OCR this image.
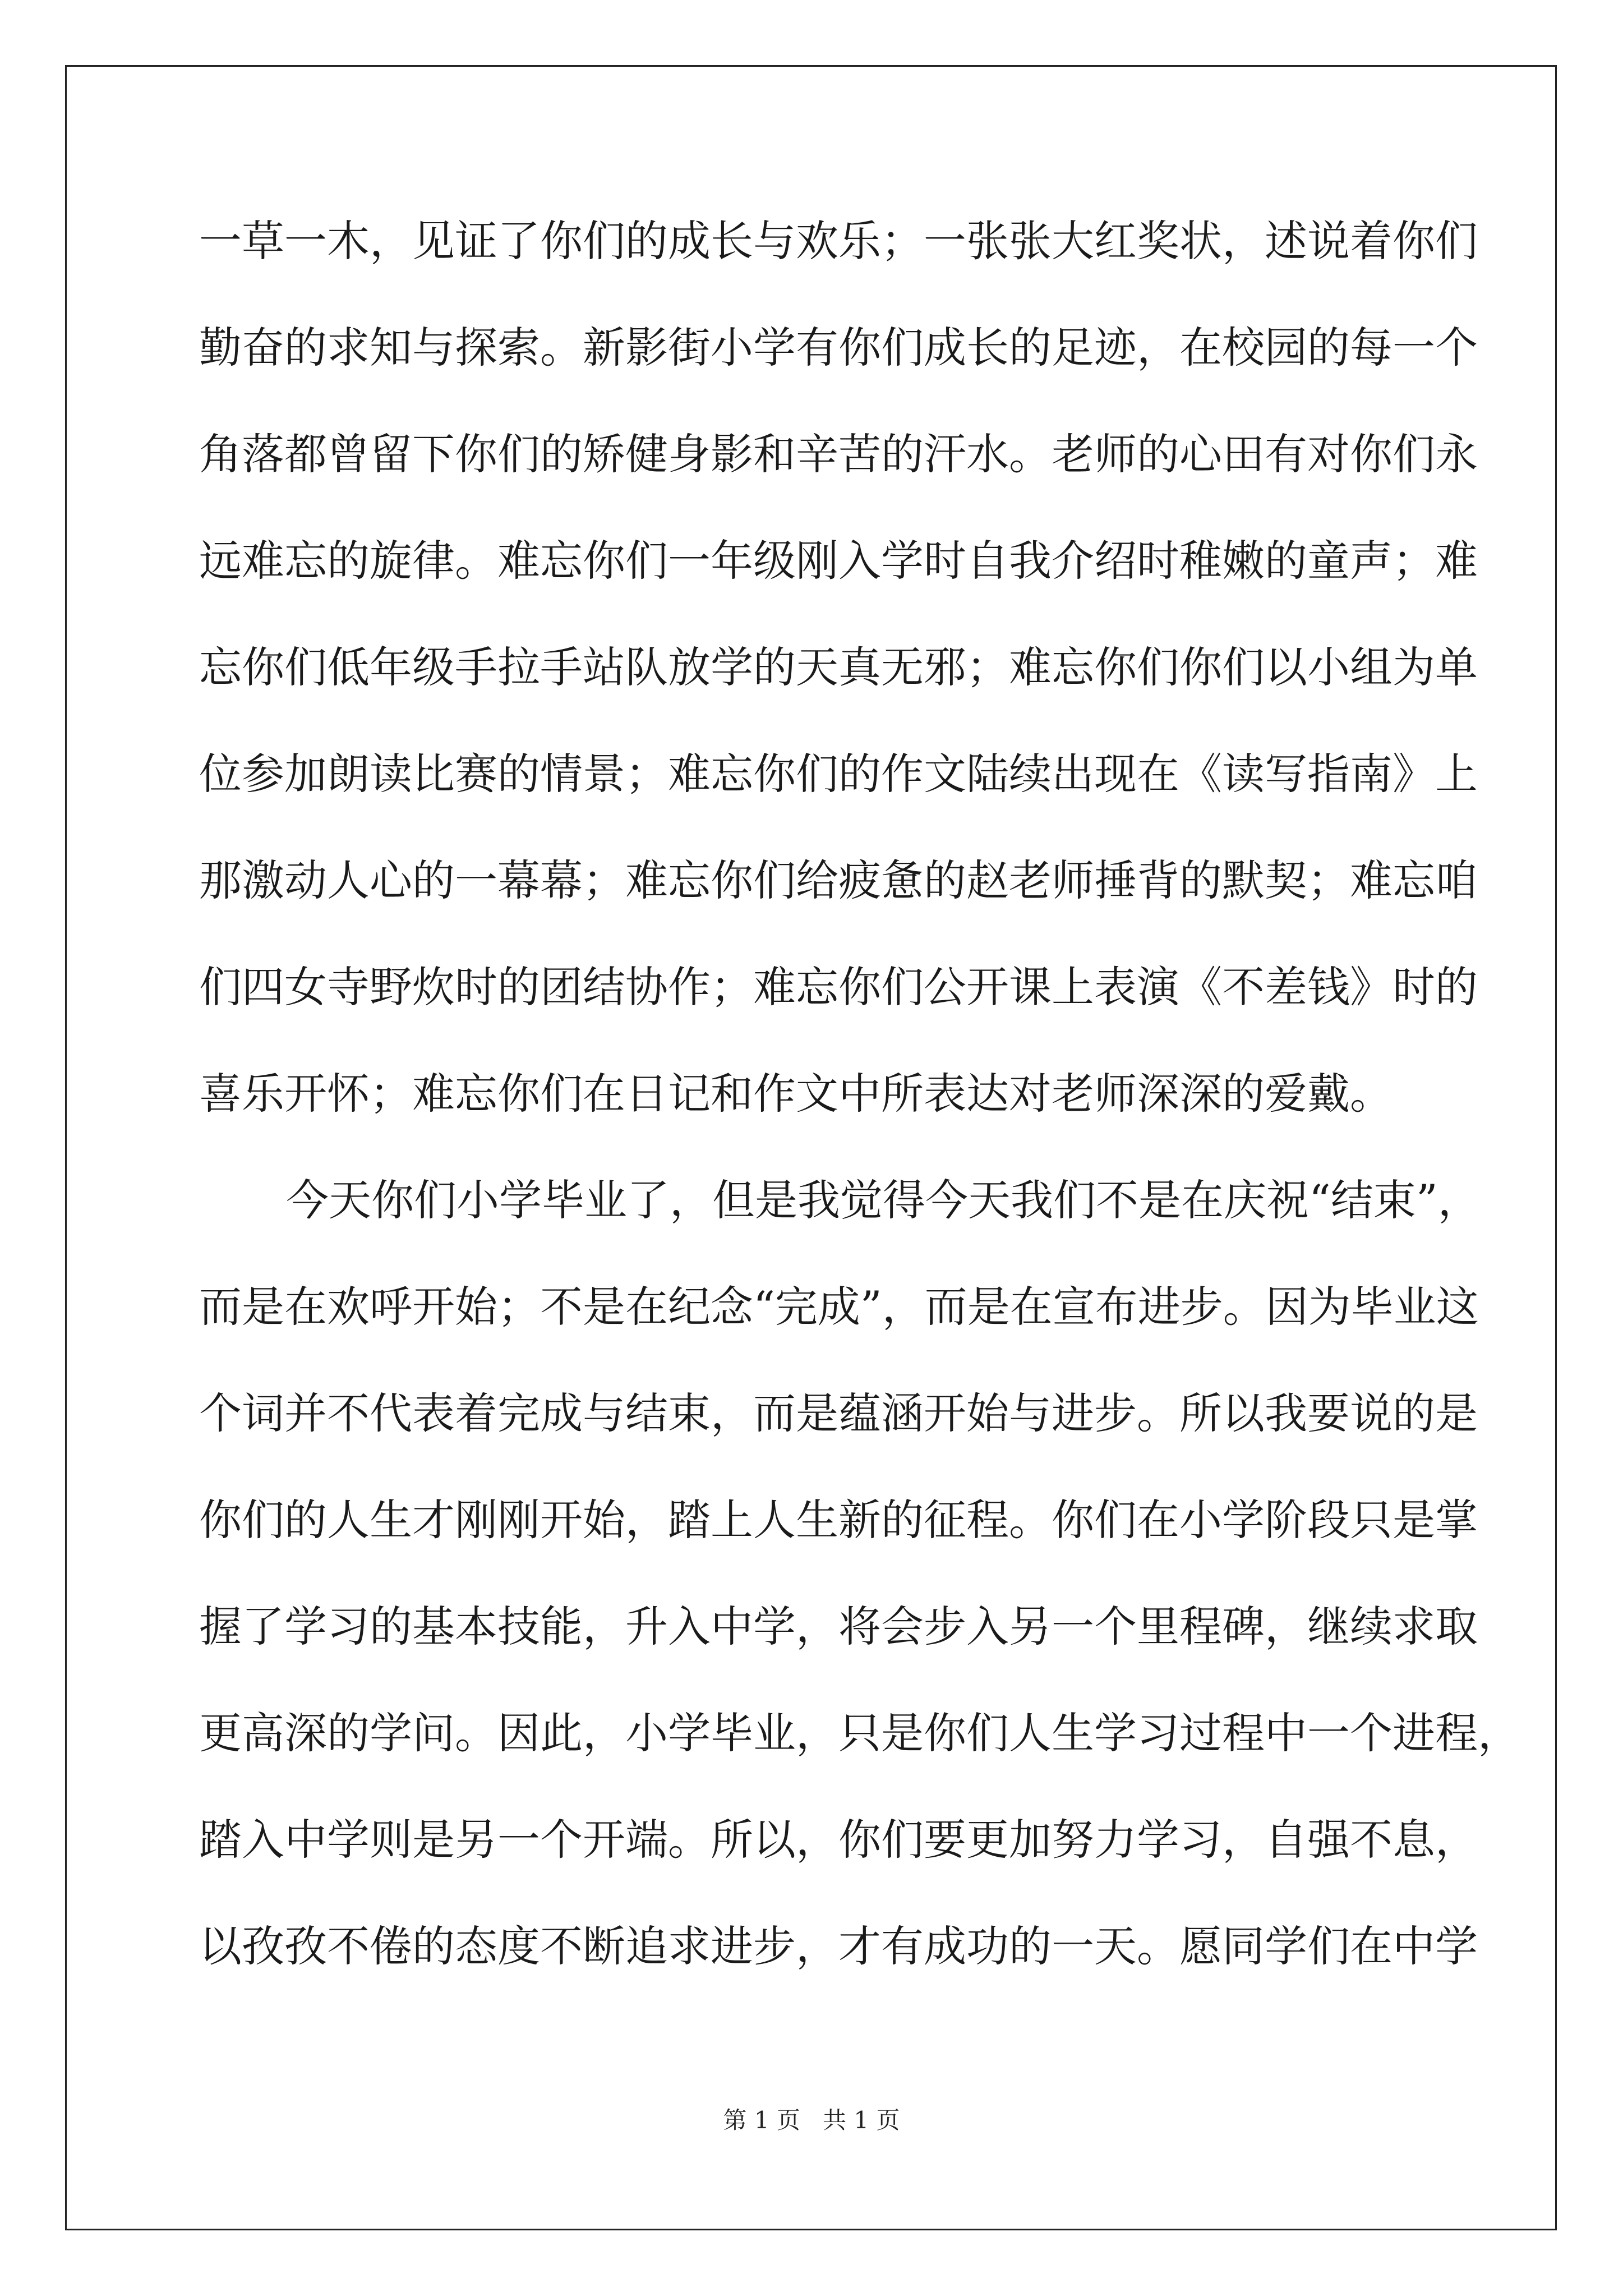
一草一木，见证了你们的成长与欢乐；一张张大红奖状，述说着你们
勤奋的求知与探索。新影街小学有你们成长的足迹，在校园的每一个
角落都曾留下你们的矫健身影和辛苦的汗水。老师的心田有对你们永
远难忘的旋律。难忘你们一年级刚入学时自我介绍时稚嫩的童声；难
忘你们低年级手拉手站队放学的天真无邪；难忘你们你们以小组为单
位参加朗读比赛的情景；难忘你们的作文陆续出现在《读写指南》上
那激动人心的一幕幕；难忘你们给疲惫的赵老师捶背的默契；难忘咱
们四女寺野炊时的团结协作；难忘你们公开课上表演《不差钱》时的
喜乐开怀；难忘你们在日记和作文中所表达对老师深深的爱戴。
今天你们小学毕业了，但是我觉得今天我们不是在庆祝“结束”，
而是在欢呼开始；不是在纪念“完成”，而是在宣布进步。因为毕业这
个词并不代表着完成与结束，而是蕴涵开始与进步。所以我要说的是
你们的人生才刚刚开始，踏上人生新的征程。你们在小学阶段只是掌
握了学习的基本技能，升入中学，将会步入另一个里程碑，继续求取
更高深的学问。因此，小学毕业，只是你们人生学习过程中一个进程，
踏入中学则是另一个开端。所以，你们要更加努力学习，自强不息，
以孜孜不倦的态度不断追求进步，才有成功的一天。愿同学们在中学
第 1 页   共 1 页
